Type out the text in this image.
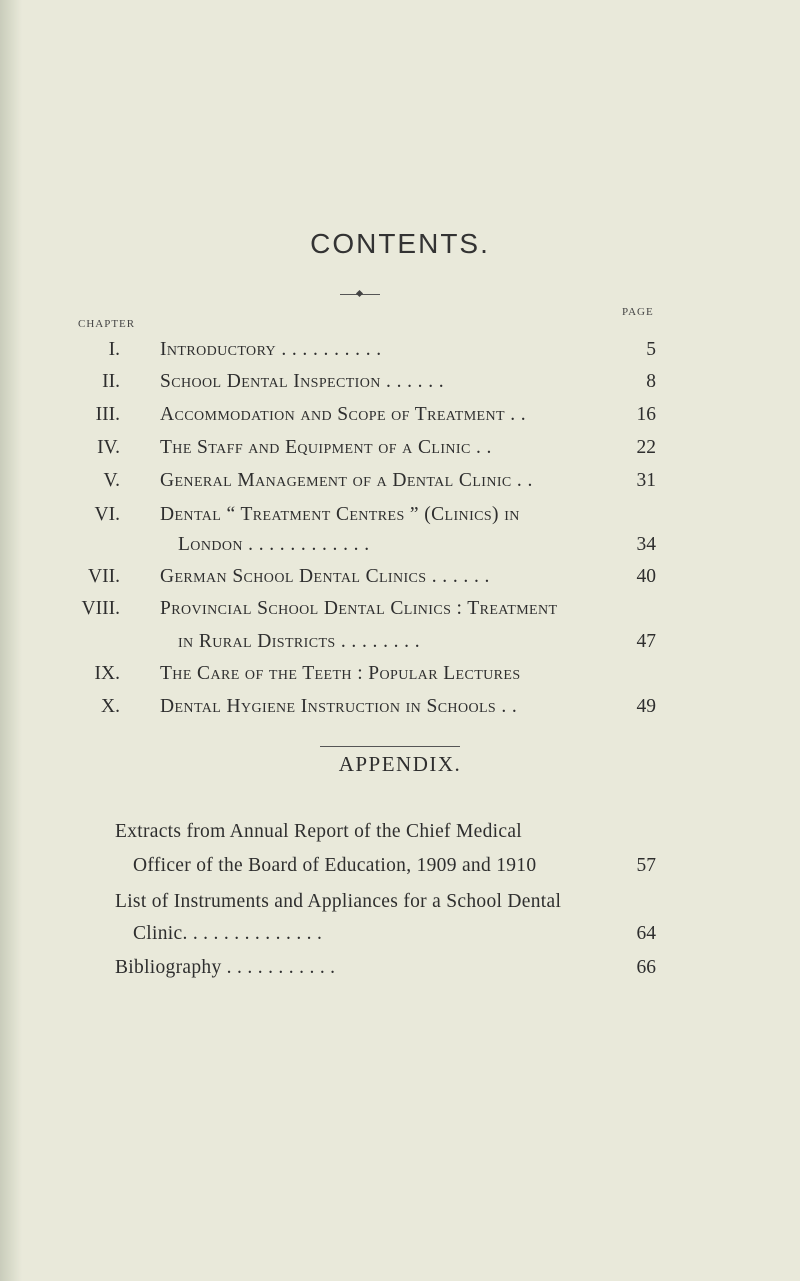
CONTENTS.
CHAPTER
PAGE
I. Introductory . . . . . . . . . .	5
II. School Dental Inspection . . . . . .	8
III. Accommodation and Scope of Treatment . .	16
IV. The Staff and Equipment of a Clinic . .	22
V. General Management of a Dental Clinic . .	31
VI. Dental “ Treatment Centres ” (Clinics) in
London . . . . . . . . . . . .	34
VII. German School Dental Clinics . . . . . .	40
VIII. Provincial School Dental Clinics : Treatment
in Rural Districts . . . . . . . .	47
IX. The Care of the Teeth : Popular Lectures
X. Dental Hygiene Instruction in Schools . .	49
APPENDIX.
Extracts from Annual Report of the Chief Medical
Officer of the Board of Education, 1909 and 1910	57
List of Instruments and Appliances for a School Dental
Clinic. . . . . . . . . . . . . .	64
Bibliography . . . . . . . . . . .	66
